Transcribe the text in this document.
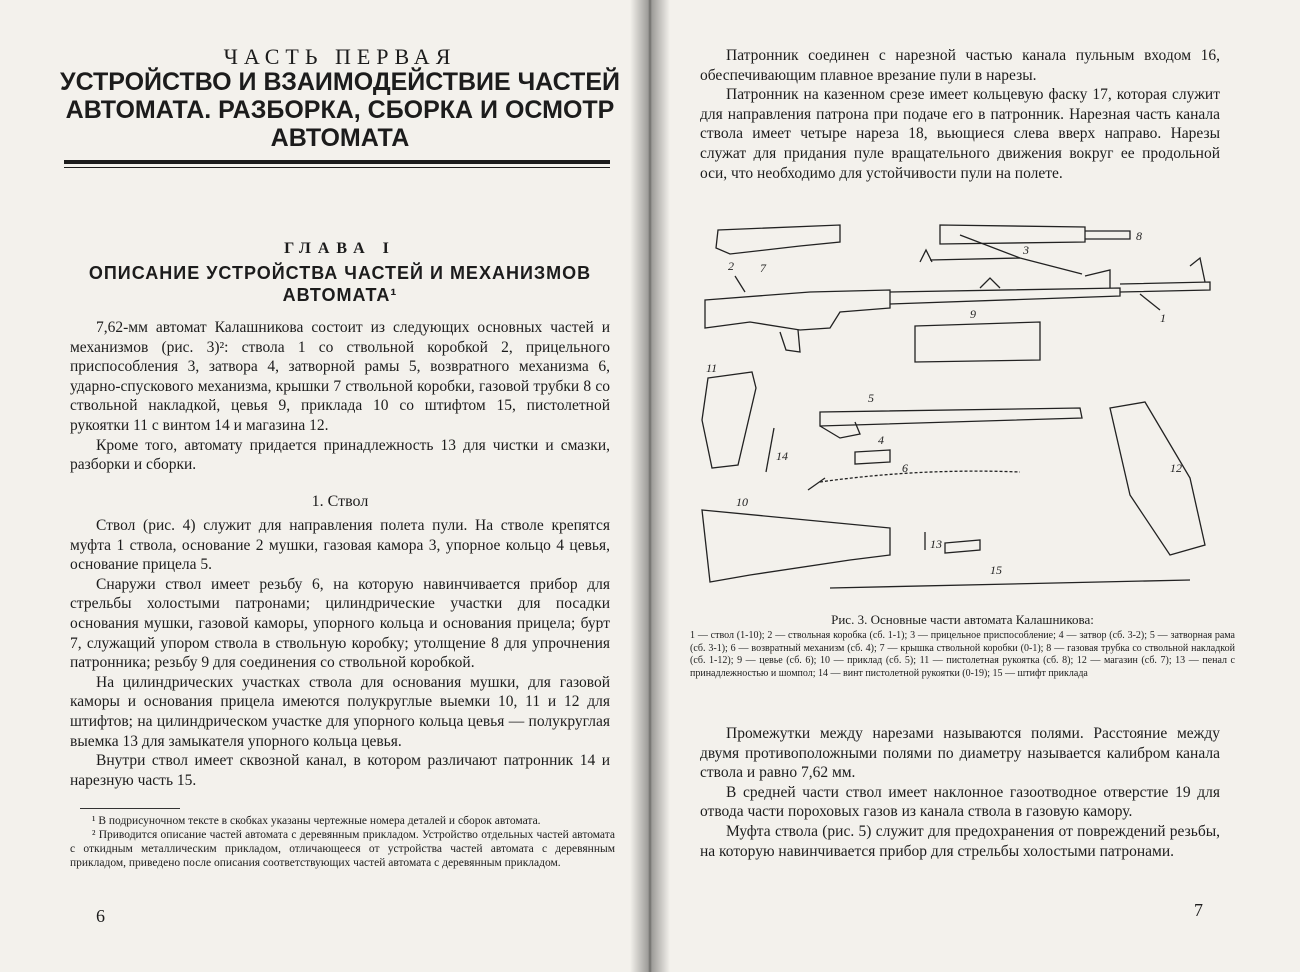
ЧАСТЬ ПЕРВАЯ
УСТРОЙСТВО И ВЗАИМОДЕЙСТВИЕ ЧАСТЕЙ
АВТОМАТА. РАЗБОРКА, СБОРКА И ОСМОТР
АВТОМАТА
ГЛАВА I
ОПИСАНИЕ УСТРОЙСТВА ЧАСТЕЙ И МЕХАНИЗМОВ
АВТОМАТА¹

7,62-мм автомат Калашникова состоит из следующих основных частей и механизмов (рис. 3)²: ствола 1 со ствольной коробкой 2, прицельного приспособления 3, затвора 4, затворной рамы 5, возвратного механизма 6, ударно-спускового механизма, крышки 7 ствольной коробки, газовой трубки 8 со ствольной накладкой, цевья 9, приклада 10 со штифтом 15, пистолетной рукоятки 11 с винтом 14 и магазина 12.

Кроме того, автомату придается принадлежность 13 для чистки и смазки, разборки и сборки.

1. Ствол

Ствол (рис. 4) служит для направления полета пули. На стволе крепятся муфта 1 ствола, основание 2 мушки, газовая камора 3, упорное кольцо 4 цевья, основание прицела 5.

Снаружи ствол имеет резьбу 6, на которую навинчивается прибор для стрельбы холостыми патронами; цилиндрические участки для посадки основания мушки, газовой каморы, упорного кольца и основания прицела; бурт 7, служащий упором ствола в ствольную коробку; утолщение 8 для упрочнения патронника; резьбу 9 для соединения со ствольной коробкой.

На цилиндрических участках ствола для основания мушки, для газовой каморы и основания прицела имеются полукруглые выемки 10, 11 и 12 для штифтов; на цилиндрическом участке для упорного кольца цевья — полукруглая выемка 13 для замыкателя упорного кольца цевья.

Внутри ствол имеет сквозной канал, в котором различают патронник 14 и нарезную часть 15.

¹ В подрисуночном тексте в скобках указаны чертежные номера деталей и сборок автомата.

² Приводится описание частей автомата с деревянным прикладом. Устройство отдельных частей автомата с откидным металлическим прикладом, отличающееся от устройства частей автомата с деревянным прикладом, приведено после описания соответствующих частей автомата с деревянным прикладом.

6

Патронник соединен с нарезной частью канала пульным входом 16, обеспечивающим плавное врезание пули в нарезы.

Патронник на казенном срезе имеет кольцевую фаску 17, которая служит для направления патрона при подаче его в патронник. Нарезная часть канала ствола имеет четыре нареза 18, вьющиеся слева вверх направо. Нарезы служат для придания пуле вращательного движения вокруг ее продольной оси, что необходимо для устойчивости пули на полете.

7
8
3
2
1
9
11
5
4
14
6	12
10
13
15
Рис. 3. Основные части автомата Калашникова:
1 — ствол (1-10); 2 — ствольная коробка (сб. 1-1); 3 — прицельное приспособление; 4 — затвор (сб. 3-2); 5 — затворная рама (сб. 3-1); 6 — возвратный механизм (сб. 4); 7 — крышка ствольной коробки (0-1); 8 — газовая трубка со ствольной накладкой (сб. 1-12); 9 — цевье (сб. 6); 10 — приклад (сб. 5); 11 — пистолетная рукоятка (сб. 8); 12 — магазин (сб. 7); 13 — пенал с принадлежностью и шомпол; 14 — винт пистолетной рукоятки (0-19); 15 — штифт приклада

Промежутки между нарезами называются полями. Расстояние между двумя противоположными полями по диаметру называется калибром канала ствола и равно 7,62 мм.

В средней части ствол имеет наклонное газоотводное отверстие 19 для отвода части пороховых газов из канала ствола в газовую камору.

Муфта ствола (рис. 5) служит для предохранения от повреждений резьбы, на которую навинчивается прибор для стрельбы холостыми патронами.

7
